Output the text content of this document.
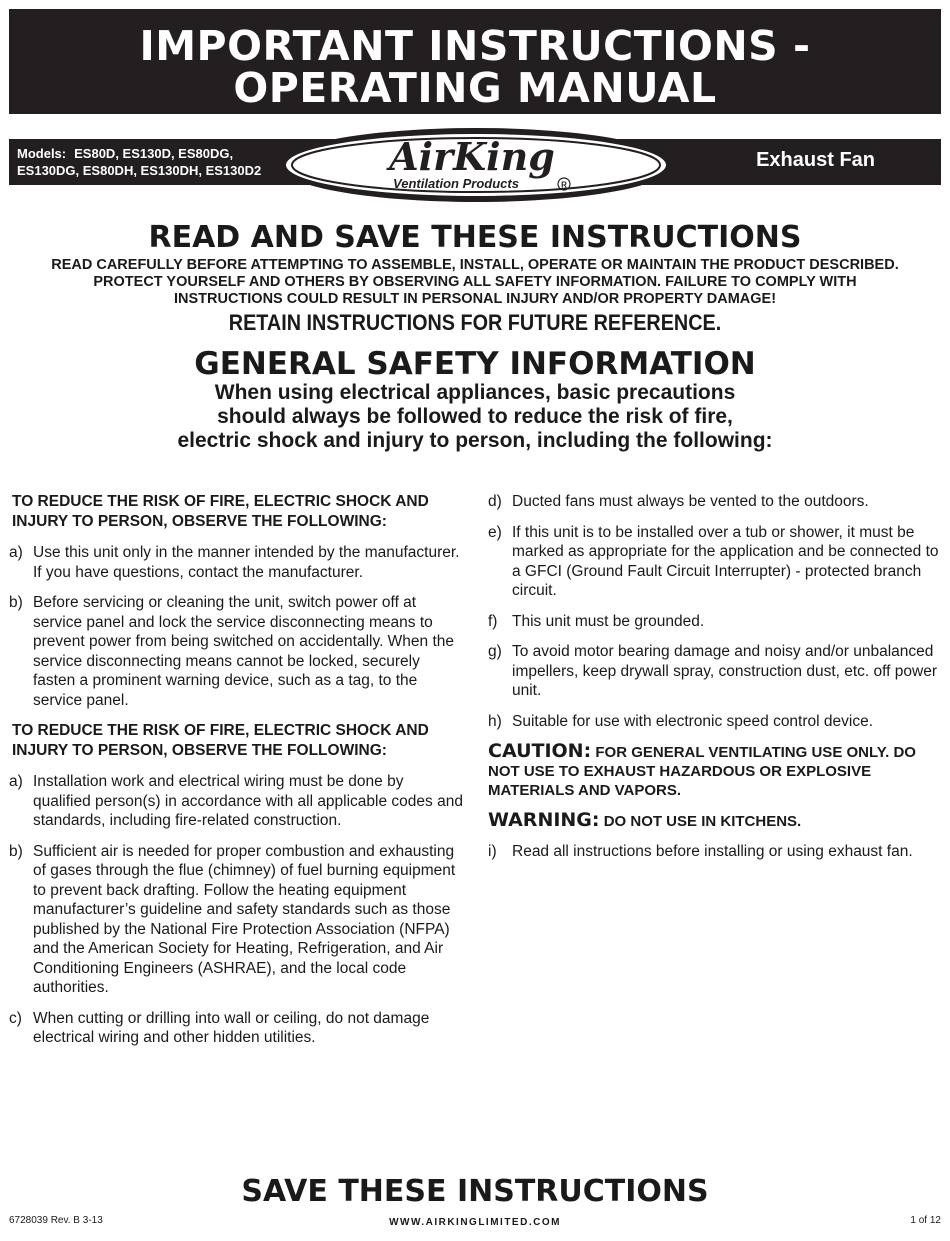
IMPORTANT INSTRUCTIONS -
OPERATING MANUAL
Models: ES80D, ES130D, ES80DG,
ES130DG, ES80DH, ES130DH, ES130D2	Exhaust Fan
AirKing
Ventilation Products	R
READ AND SAVE THESE INSTRUCTIONS
READ CAREFULLY BEFORE ATTEMPTING TO ASSEMBLE, INSTALL, OPERATE OR MAINTAIN THE PRODUCT DESCRIBED.
PROTECT YOURSELF AND OTHERS BY OBSERVING ALL SAFETY INFORMATION. FAILURE TO COMPLY WITH
INSTRUCTIONS COULD RESULT IN PERSONAL INJURY AND/OR PROPERTY DAMAGE!
RETAIN INSTRUCTIONS FOR FUTURE REFERENCE.
GENERAL SAFETY INFORMATION
When using electrical appliances, basic precautions
should always be followed to reduce the risk of fire,
electric shock and injury to person, including the following:
TO REDUCE THE RISK OF FIRE, ELECTRIC SHOCK AND INJURY TO PERSON, OBSERVE THE FOLLOWING:
a) Use this unit only in the manner intended by the manufacturer. If you have questions, contact the manufacturer.
b) Before servicing or cleaning the unit, switch power off at service panel and lock the service disconnecting means to prevent power from being switched on accidentally. When the service disconnecting means cannot be locked, securely fasten a prominent warning device, such as a tag, to the service panel.
TO REDUCE THE RISK OF FIRE, ELECTRIC SHOCK AND INJURY TO PERSON, OBSERVE THE FOLLOWING:
a) Installation work and electrical wiring must be done by qualified person(s) in accordance with all applicable codes and standards, including fire-related construction.
b) Sufficient air is needed for proper combustion and exhausting of gases through the flue (chimney) of fuel burning equipment to prevent back drafting. Follow the heating equipment manufacturer’s guideline and safety standards such as those published by the National Fire Protection Association (NFPA) and the American Society for Heating, Refrigeration, and Air Conditioning Engineers (ASHRAE), and the local code authorities.
c) When cutting or drilling into wall or ceiling, do not damage electrical wiring and other hidden utilities.
d) Ducted fans must always be vented to the outdoors.
e) If this unit is to be installed over a tub or shower, it must be marked as appropriate for the application and be connected to a GFCI (Ground Fault Circuit Interrupter) - protected branch circuit.
f) This unit must be grounded.
g) To avoid motor bearing damage and noisy and/or unbalanced impellers, keep drywall spray, construction dust, etc. off power unit.
h) Suitable for use with electronic speed control device.
CAUTION: FOR GENERAL VENTILATING USE ONLY. DO NOT USE TO EXHAUST HAZARDOUS OR EXPLOSIVE MATERIALS AND VAPORS.
WARNING: DO NOT USE IN KITCHENS.
i) Read all instructions before installing or using exhaust fan.
SAVE THESE INSTRUCTIONS
6728039 Rev. B 3-13	WWW.AIRKINGLIMITED.COM	1 of 12
